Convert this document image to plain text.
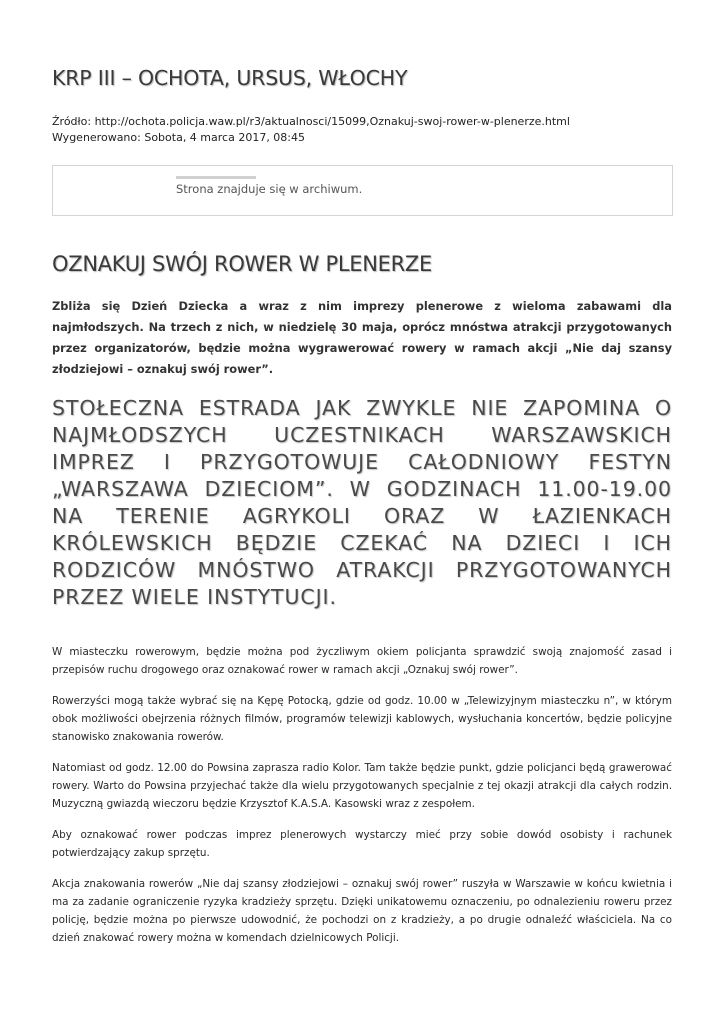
KRP III – OCHOTA, URSUS, WŁOCHY
Źródło: http://ochota.policja.waw.pl/r3/aktualnosci/15099,Oznakuj-swoj-rower-w-plenerze.html
Wygenerowano: Sobota, 4 marca 2017, 08:45
Strona znajduje się w archiwum.
OZNAKUJ SWÓJ ROWER W PLENERZE

Zbliża się Dzień Dziecka a wraz z nim imprezy plenerowe z wieloma zabawami dla najmłodszych. Na trzech z nich, w niedzielę 30 maja, oprócz mnóstwa atrakcji przygotowanych przez organizatorów, będzie można wygrawerować rowery w ramach akcji „Nie daj szansy złodziejowi – oznakuj swój rower”.

STOŁECZNA ESTRADA JAK ZWYKLE NIE ZAPOMINA O NAJMŁODSZYCH UCZESTNIKACH WARSZAWSKICH IMPREZ I PRZYGOTOWUJE CAŁODNIOWY FESTYN „WARSZAWA DZIECIOM”. W GODZINACH 11.00-19.00 NA TERENIE AGRYKOLI ORAZ W ŁAZIENKACH KRÓLEWSKICH BĘDZIE CZEKAĆ NA DZIECI I ICH RODZICÓW MNÓSTWO ATRAKCJI PRZYGOTOWANYCH PRZEZ WIELE INSTYTUCJI.

W miasteczku rowerowym, będzie można pod życzliwym okiem policjanta sprawdzić swoją znajomość zasad i przepisów ruchu drogowego oraz oznakować rower w ramach akcji „Oznakuj swój rower”.

Rowerzyści mogą także wybrać się na Kępę Potocką, gdzie od godz. 10.00 w „Telewizyjnym miasteczku n”, w którym obok możliwości obejrzenia różnych filmów, programów telewizji kablowych, wysłuchania koncertów, będzie policyjne stanowisko znakowania rowerów.

Natomiast od godz. 12.00 do Powsina zaprasza radio Kolor. Tam także będzie punkt, gdzie policjanci będą grawerować rowery. Warto do Powsina przyjechać także dla wielu przygotowanych specjalnie z tej okazji atrakcji dla całych rodzin. Muzyczną gwiazdą wieczoru będzie Krzysztof K.A.S.A. Kasowski wraz z zespołem.

Aby oznakować rower podczas imprez plenerowych wystarczy mieć przy sobie dowód osobisty i rachunek potwierdzający zakup sprzętu.

Akcja znakowania rowerów „Nie daj szansy złodziejowi – oznakuj swój rower” ruszyła w Warszawie w końcu kwietnia i ma za zadanie ograniczenie ryzyka kradzieży sprzętu. Dzięki unikatowemu oznaczeniu, po odnalezieniu roweru przez policję, będzie można po pierwsze udowodnić, że pochodzi on z kradzieży, a po drugie odnaleźć właściciela. Na co dzień znakować rowery można w komendach dzielnicowych Policji.
